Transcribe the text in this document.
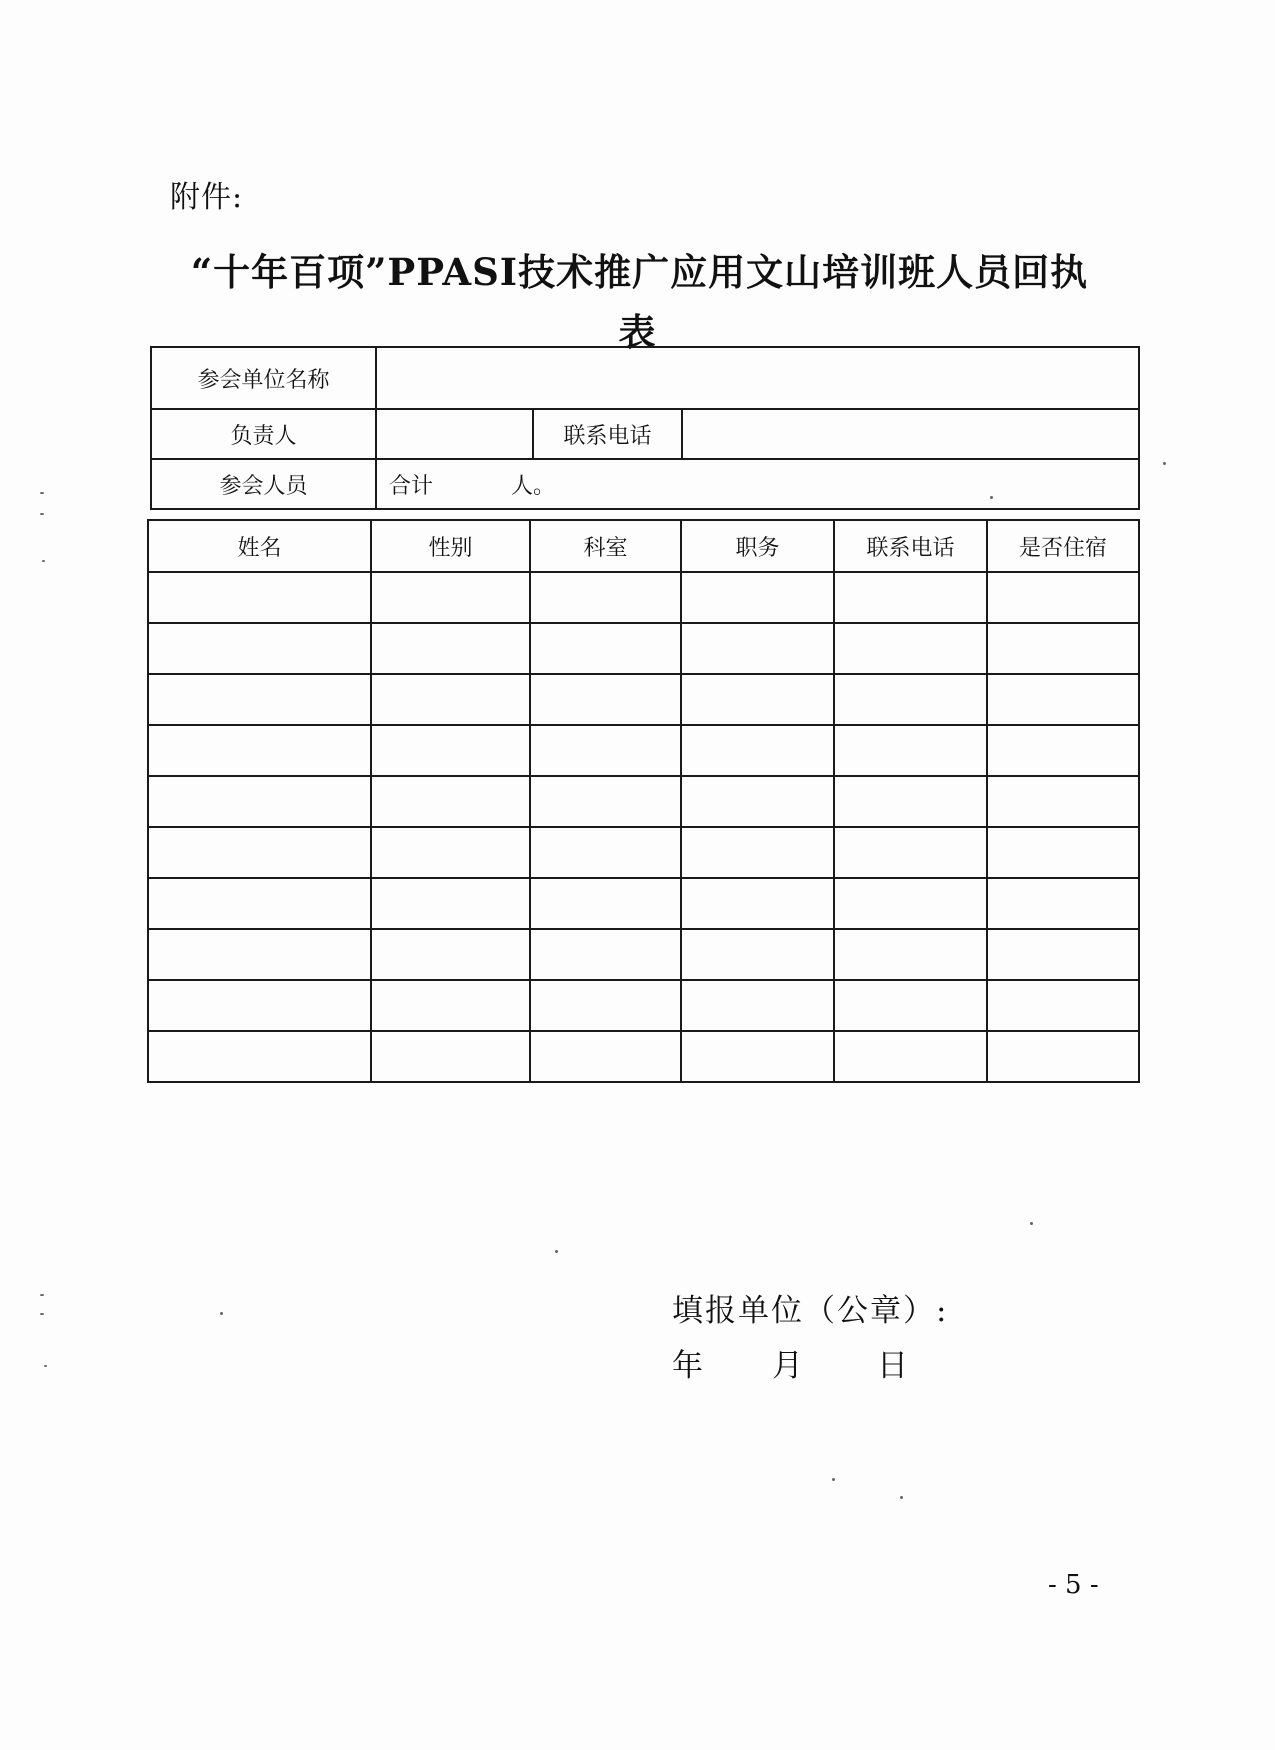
附件:
“十年百项”PPASI技术推广应用文山培训班人员回执
表
参会单位名称			
负责人		联系电话	
参会人员	合计 人。		
姓名	性别	科室	职务	联系电话	是否住宿

填报单位（公章）:
年 月 日
- 5 -
